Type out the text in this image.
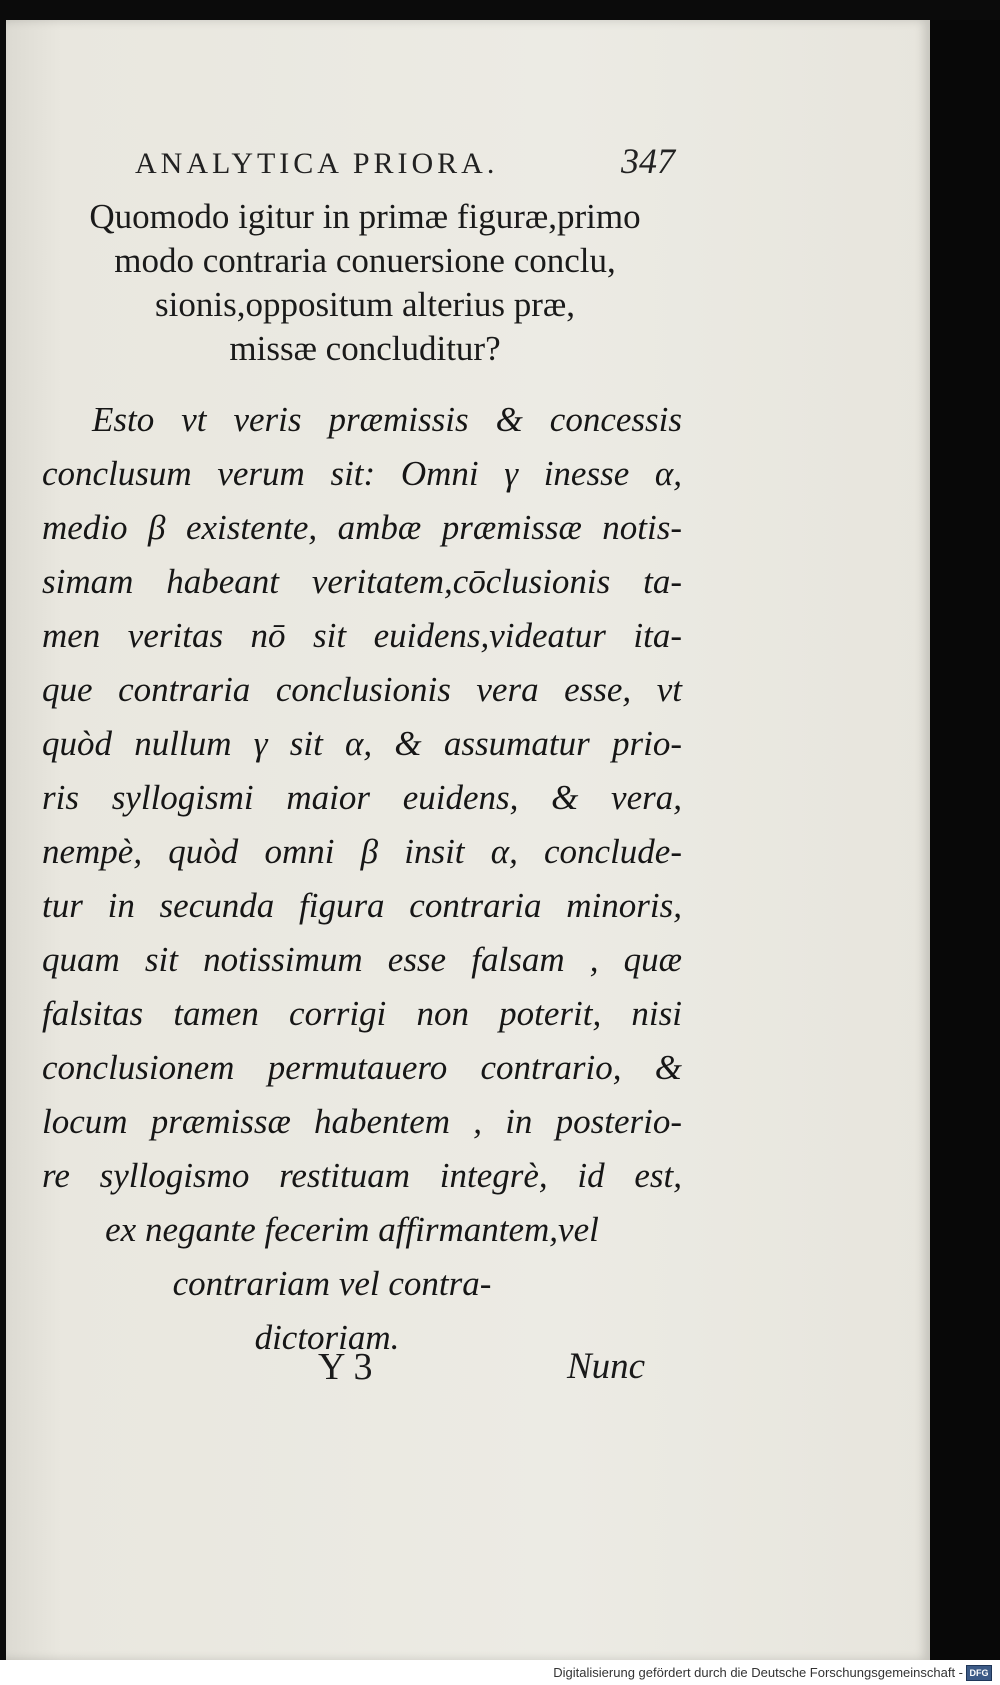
ANALYTICA PRIORA.	347
Quomodo igitur in primæ figuræ,primo
modo contraria conuersione conclu,
sionis,oppositum alterius præ,
missæ concluditur?
Esto vt veris præmissis & concessis
conclusum verum sit: Omni γ inesse α,
medio β existente, ambæ præmissæ notis-
simam habeant veritatem,cōclusionis ta-
men veritas nō sit euidens,videatur ita-
que contraria conclusionis vera esse, vt
quòd nullum γ sit α, & assumatur prio-
ris syllogismi maior euidens, & vera,
nempè, quòd omni β insit α, conclude-
tur in secunda figura contraria minoris,
quam sit notissimum esse falsam , quæ
falsitas tamen corrigi non poterit, nisi
conclusionem permutauero contrario, &
locum præmissæ habentem , in posterio-
re syllogismo restituam integrè, id est,
ex negante fecerim affirmantem,vel
contrariam vel contra-
dictoriam.
Y 3	Nunc
Digitalisierung gefördert durch die Deutsche Forschungsgemeinschaft - DFG
